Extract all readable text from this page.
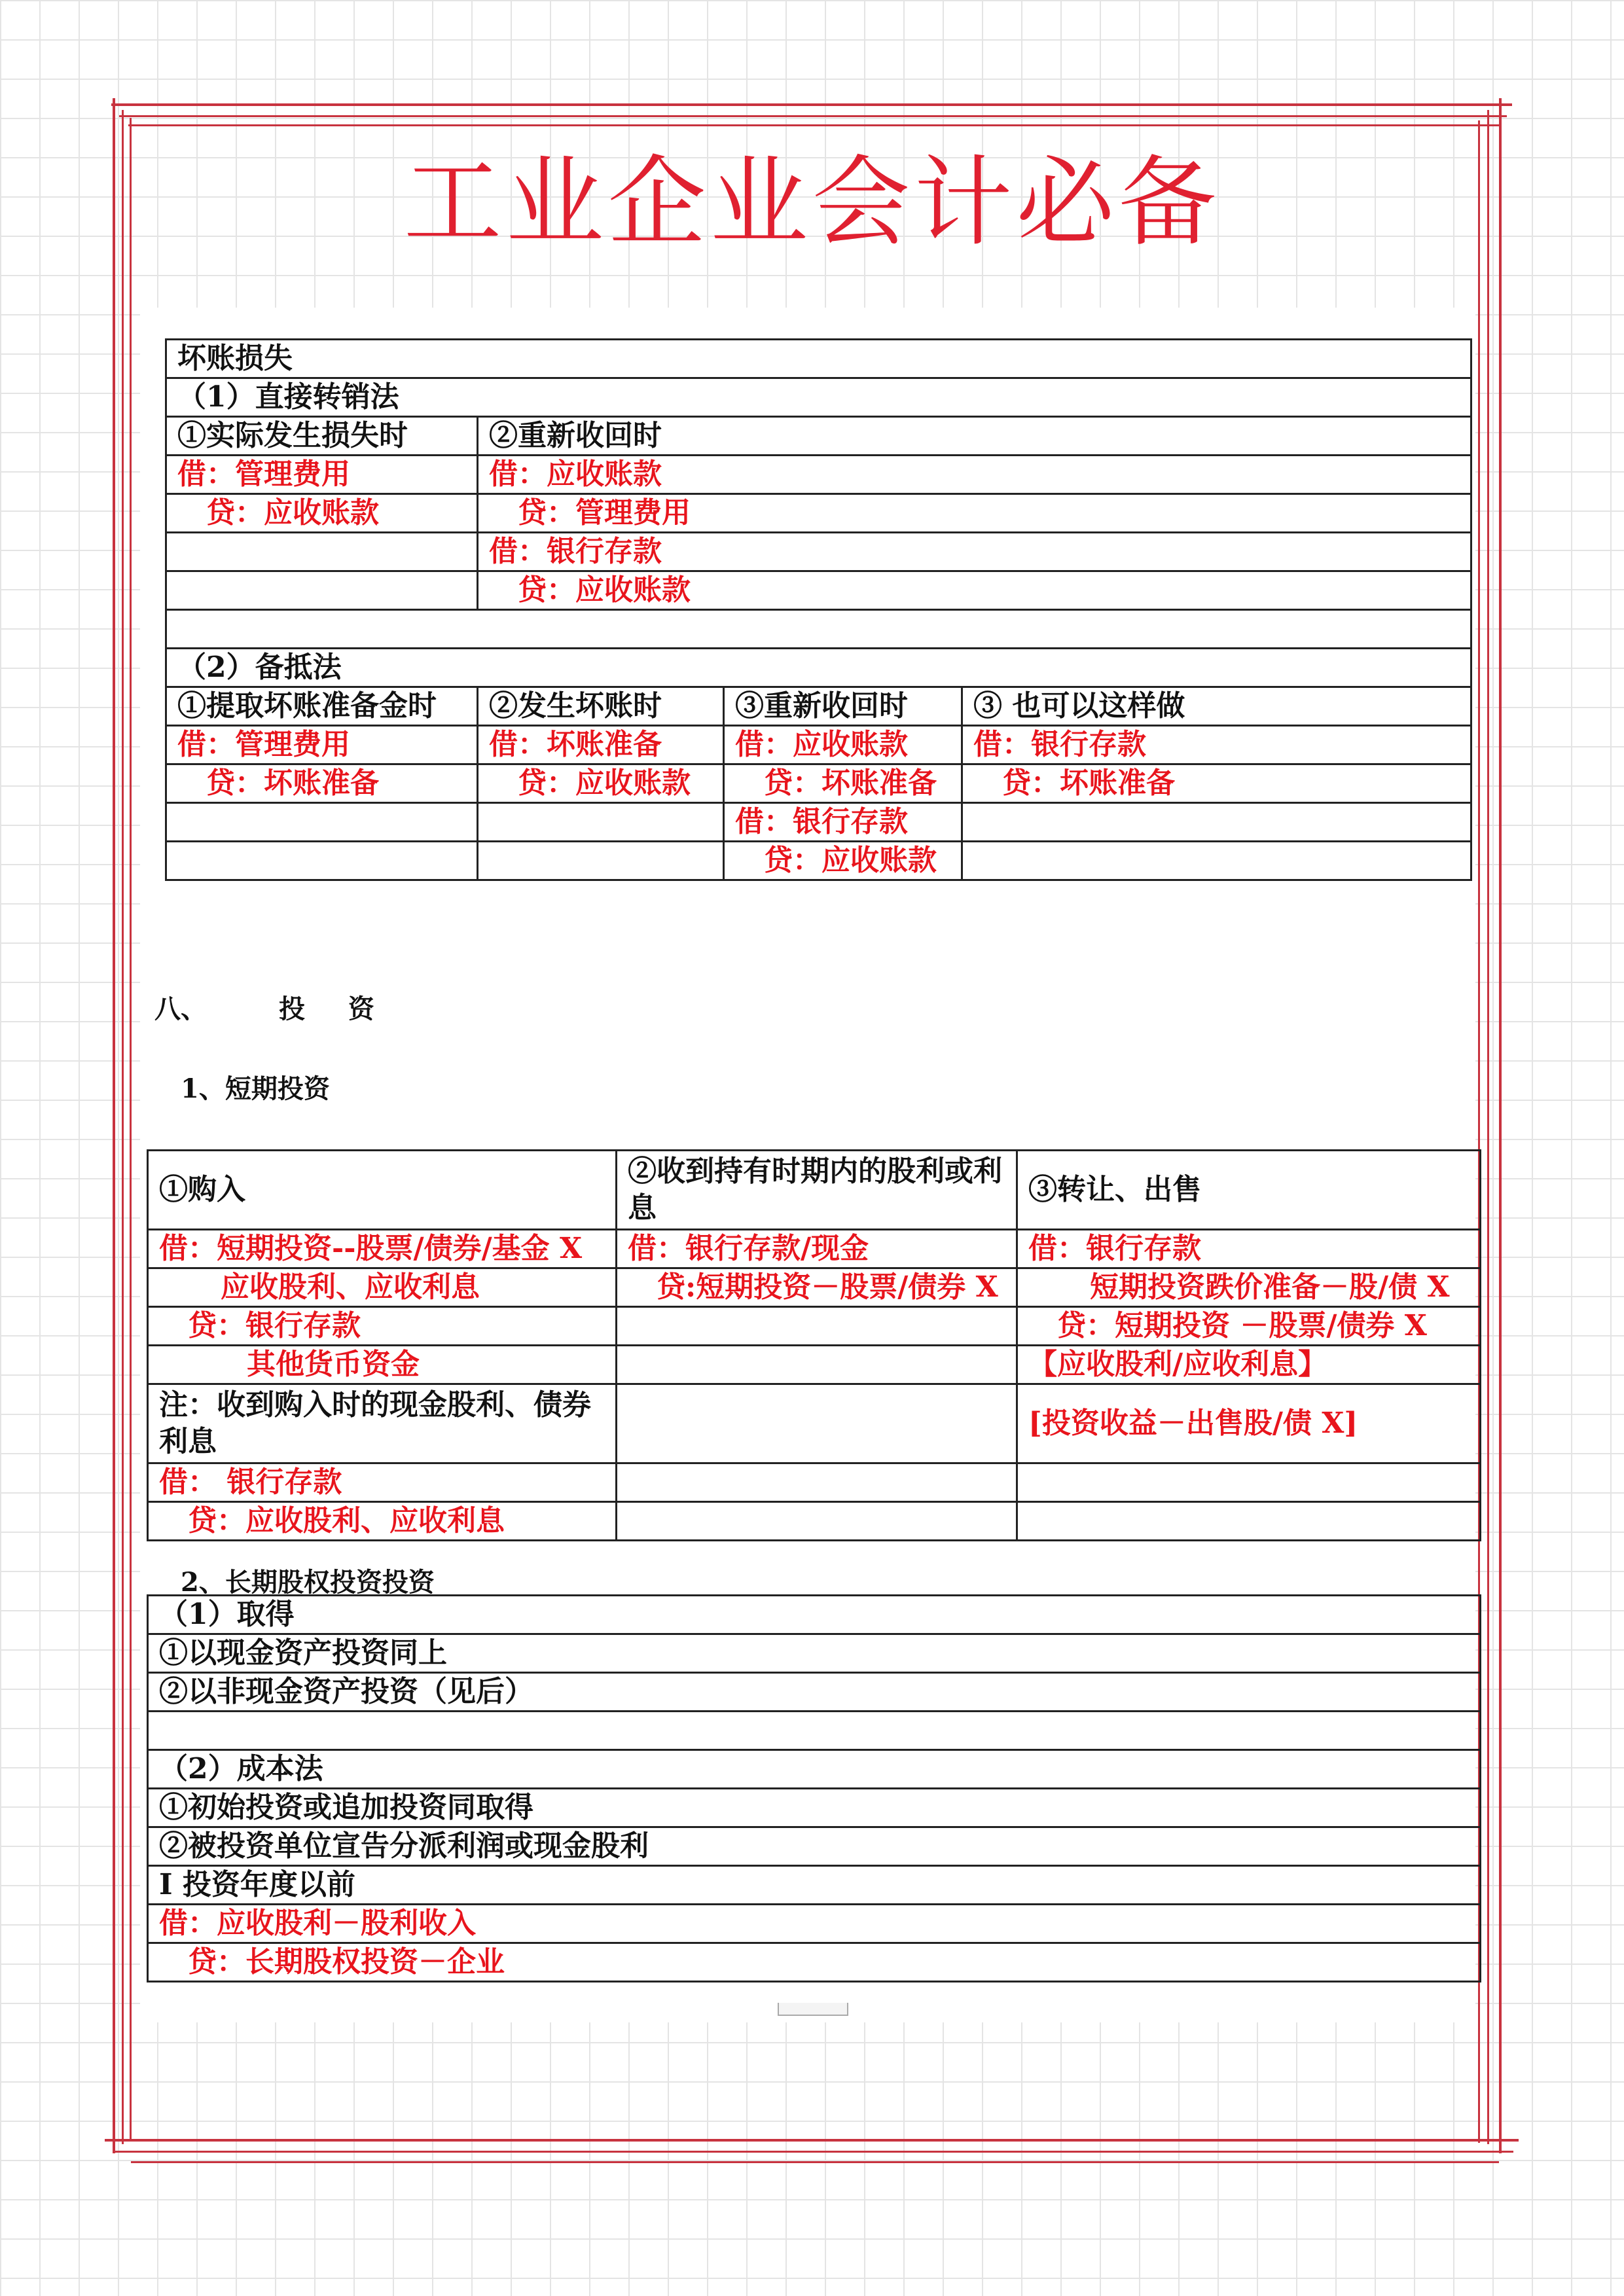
工业企业会计必备
坏账损失			
（1）直接转销法			
①实际发生损失时	②重新收回时		
借：管理费用	借：应收账款		
贷：应收账款	贷：管理费用		
	借：银行存款		
	贷：应收账款		

（2）备抵法			
①提取坏账准备金时	②发生坏账时	③重新收回时	③ 也可以这样做
借：管理费用	借：坏账准备	借：应收账款	借：银行存款
贷：坏账准备	贷：应收账款	贷：坏账准备	贷：坏账准备
		借：银行存款	
		贷：应收账款	
八、	投 资
1、短期投资
①购入	②收到持有时期内的股利或利息	③转让、出售
借：短期投资--股票/债券/基金 X	借：银行存款/现金	借：银行存款
应收股利、应收利息	贷:短期投资－股票/债券 X	短期投资跌价准备－股/债 X
贷：银行存款		贷：短期投资 －股票/债券 X
其他货币资金		【应收股利/应收利息】
注：收到购入时的现金股利、债券利息		[投资收益－出售股/债 X]
借： 银行存款		
贷：应收股利、应收利息		
2、长期股权投资投资
（1）取得
①以现金资产投资同上
②以非现金资产投资（见后）

（2）成本法
①初始投资或追加投资同取得
②被投资单位宣告分派利润或现金股利
I 投资年度以前
借：应收股利－股利收入
贷：长期股权投资－企业
